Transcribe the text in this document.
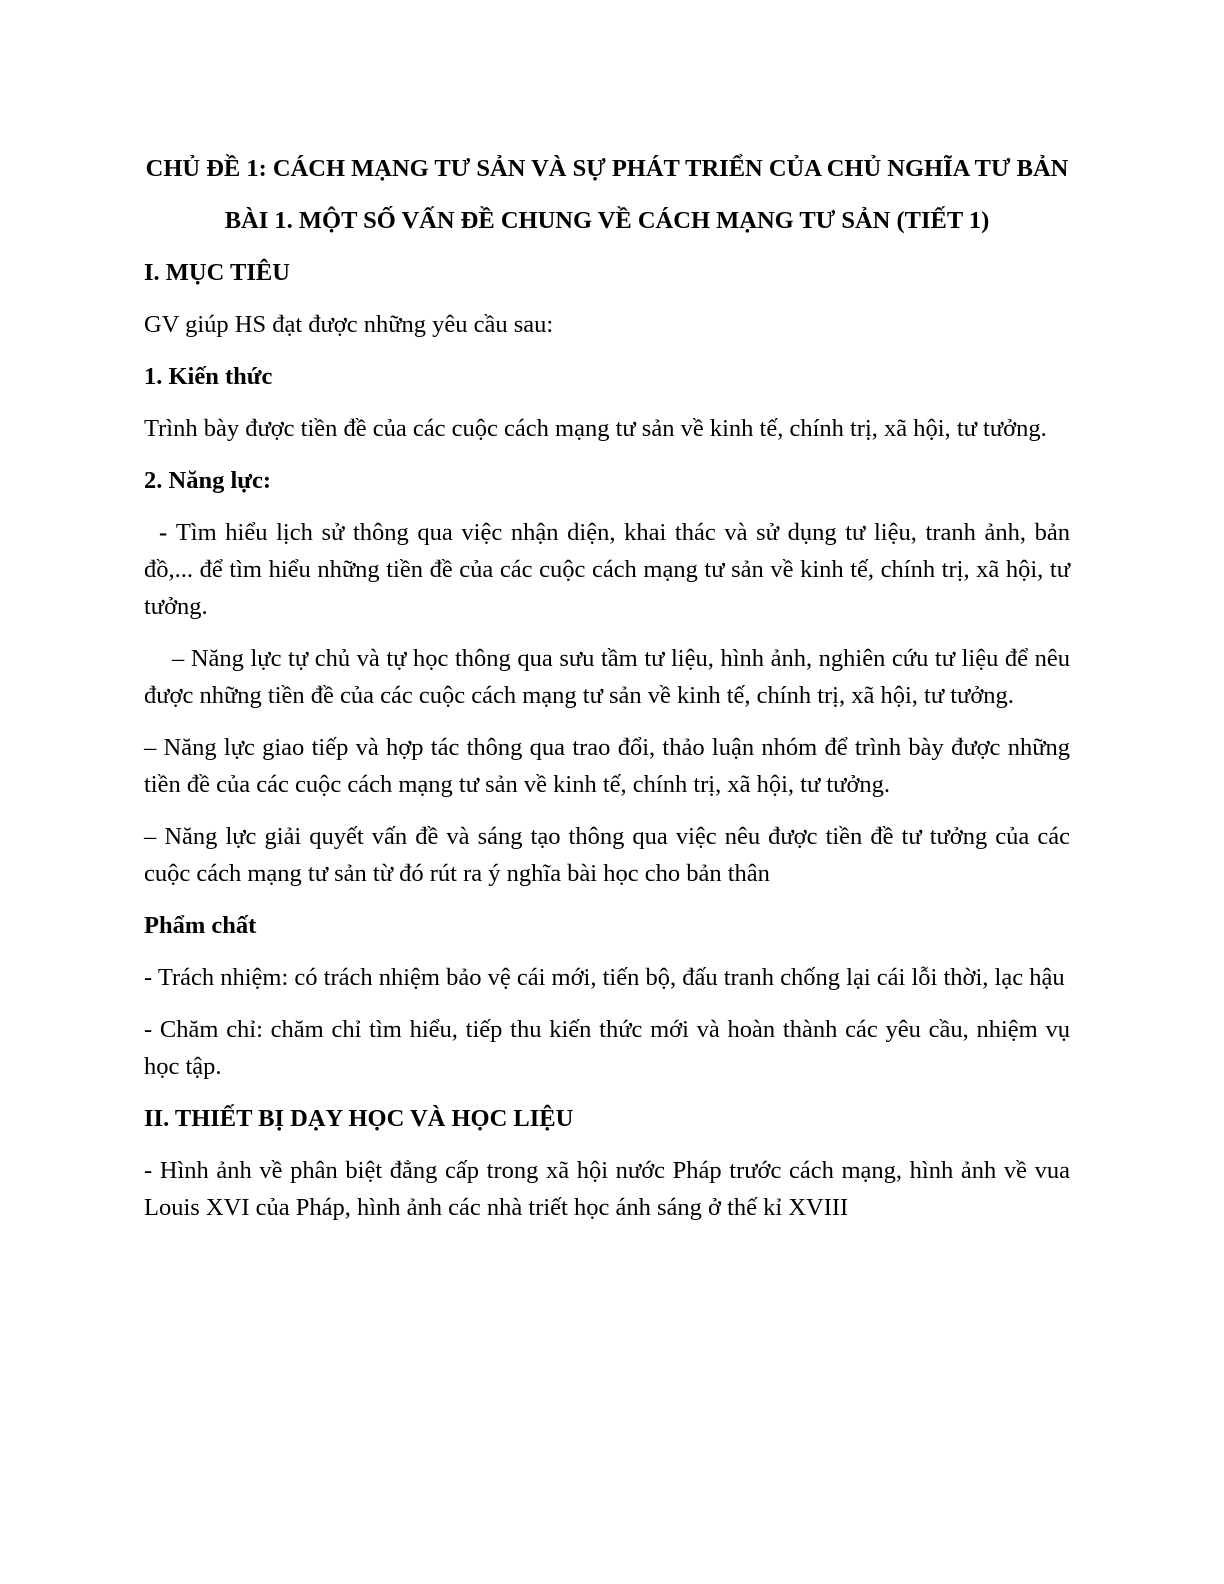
CHỦ ĐỀ 1: CÁCH MẠNG TƯ SẢN VÀ SỰ PHÁT TRIỂN CỦA CHỦ NGHĨA TƯ BẢN

BÀI 1. MỘT SỐ VẤN ĐỀ CHUNG VỀ CÁCH MẠNG TƯ SẢN (TIẾT 1)

I. MỤC TIÊU

GV giúp HS đạt được những yêu cầu sau:

1. Kiến thức

Trình bày được tiền đề của các cuộc cách mạng tư sản về kinh tế, chính trị, xã hội, tư tưởng.

2. Năng lực:

- Tìm hiểu lịch sử thông qua việc nhận diện, khai thác và sử dụng tư liệu, tranh ảnh, bản đồ,... để tìm hiểu những tiền đề của các cuộc cách mạng tư sản về kinh tế, chính trị, xã hội, tư tưởng.

– Năng lực tự chủ và tự học thông qua sưu tầm tư liệu, hình ảnh, nghiên cứu tư liệu để nêu được những tiền đề của các cuộc cách mạng tư sản về kinh tế, chính trị, xã hội, tư tưởng.

– Năng lực giao tiếp và hợp tác thông qua trao đổi, thảo luận nhóm để trình bày được những tiền đề của các cuộc cách mạng tư sản về kinh tế, chính trị, xã hội, tư tưởng.

– Năng lực giải quyết vấn đề và sáng tạo thông qua việc nêu được tiền đề tư tưởng của các cuộc cách mạng tư sản từ đó rút ra ý nghĩa bài học cho bản thân

Phẩm chất

- Trách nhiệm: có trách nhiệm bảo vệ cái mới, tiến bộ, đấu tranh chống lại cái lỗi thời, lạc hậu

- Chăm chỉ: chăm chỉ tìm hiểu, tiếp thu kiến thức mới và hoàn thành các yêu cầu, nhiệm vụ học tập.

II. THIẾT BỊ DẠY HỌC VÀ HỌC LIỆU

- Hình ảnh về phân biệt đẳng cấp trong xã hội nước Pháp trước cách mạng, hình ảnh về vua Louis XVI của Pháp, hình ảnh các nhà triết học ánh sáng ở thế kỉ XVIII
